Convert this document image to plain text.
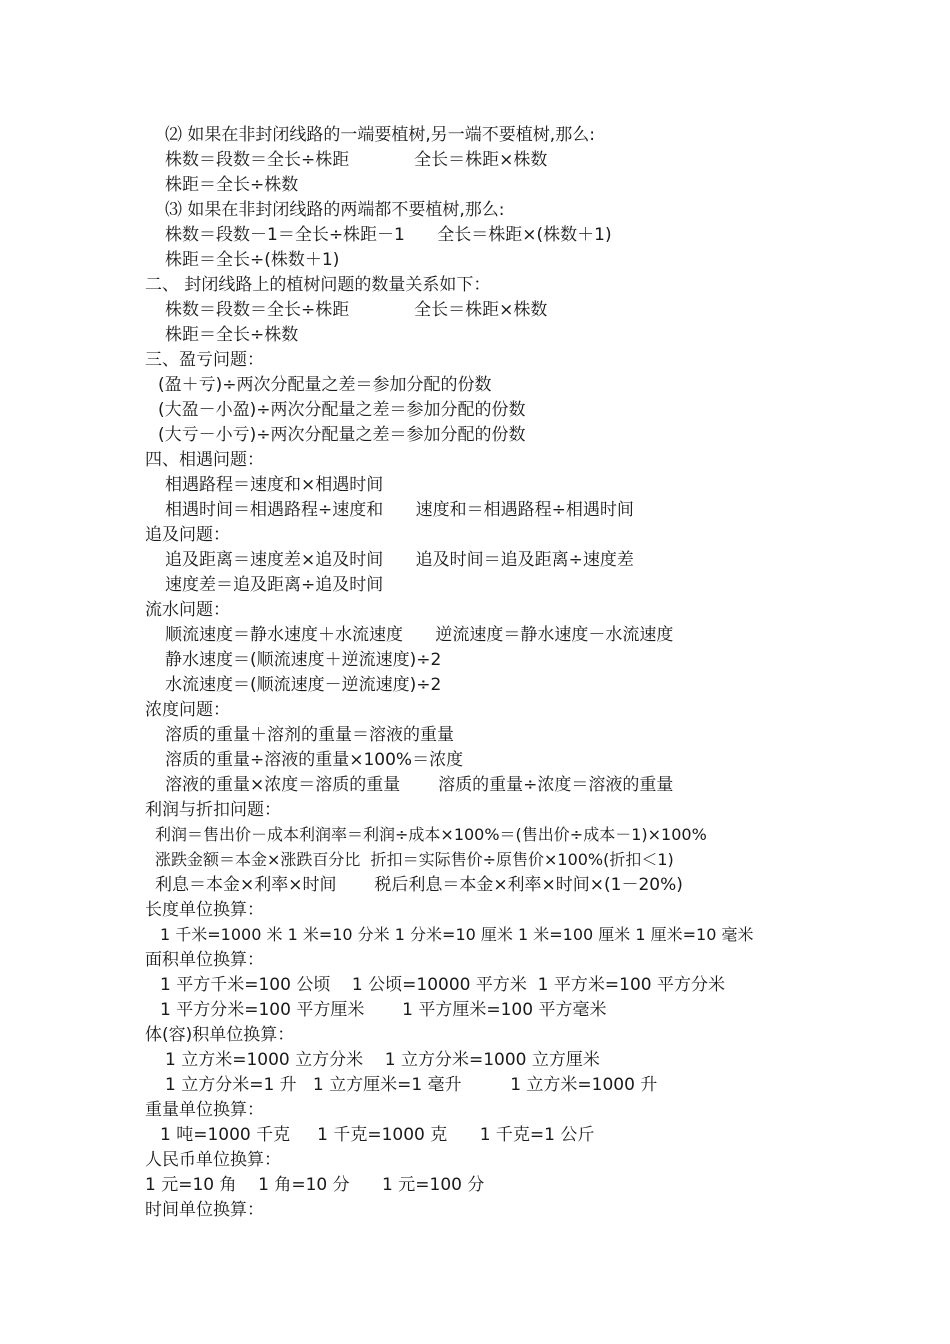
⑵ 如果在非封闭线路的一端要植树,另一端不要植树,那么:
株数＝段数＝全长÷株距            全长＝株距×株数
株距＝全长÷株数
⑶ 如果在非封闭线路的两端都不要植树,那么:
株数＝段数－1＝全长÷株距－1      全长＝株距×(株数＋1)
株距＝全长÷(株数＋1)
二、 封闭线路上的植树问题的数量关系如下：
株数＝段数＝全长÷株距            全长＝株距×株数
株距＝全长÷株数
三、盈亏问题：
(盈＋亏)÷两次分配量之差＝参加分配的份数
(大盈－小盈)÷两次分配量之差＝参加分配的份数
(大亏－小亏)÷两次分配量之差＝参加分配的份数
四、相遇问题：
相遇路程＝速度和×相遇时间
相遇时间＝相遇路程÷速度和      速度和＝相遇路程÷相遇时间
追及问题：
追及距离＝速度差×追及时间      追及时间＝追及距离÷速度差
速度差＝追及距离÷追及时间
流水问题：
顺流速度＝静水速度＋水流速度      逆流速度＝静水速度－水流速度
静水速度＝(顺流速度＋逆流速度)÷2
水流速度＝(顺流速度－逆流速度)÷2
浓度问题：
溶质的重量＋溶剂的重量＝溶液的重量
溶质的重量÷溶液的重量×100%＝浓度
溶液的重量×浓度＝溶质的重量       溶质的重量÷浓度＝溶液的重量
利润与折扣问题：
利润＝售出价－成本利润率＝利润÷成本×100%＝(售出价÷成本－1)×100%
涨跌金额＝本金×涨跌百分比  折扣＝实际售价÷原售价×100%(折扣＜1)
利息＝本金×利率×时间       税后利息＝本金×利率×时间×(1－20%)
长度单位换算：
1 千米=1000 米 1 米=10 分米 1 分米=10 厘米 1 米=100 厘米 1 厘米=10 毫米
面积单位换算：
1 平方千米=100 公顷    1 公顷=10000 平方米  1 平方米=100 平方分米
1 平方分米=100 平方厘米       1 平方厘米=100 平方毫米
体(容)积单位换算：
1 立方米=1000 立方分米    1 立方分米=1000 立方厘米
1 立方分米=1 升   1 立方厘米=1 毫升         1 立方米=1000 升
重量单位换算：
1 吨=1000 千克     1 千克=1000 克      1 千克=1 公斤
人民币单位换算：
1 元=10 角    1 角=10 分      1 元=100 分
时间单位换算：
